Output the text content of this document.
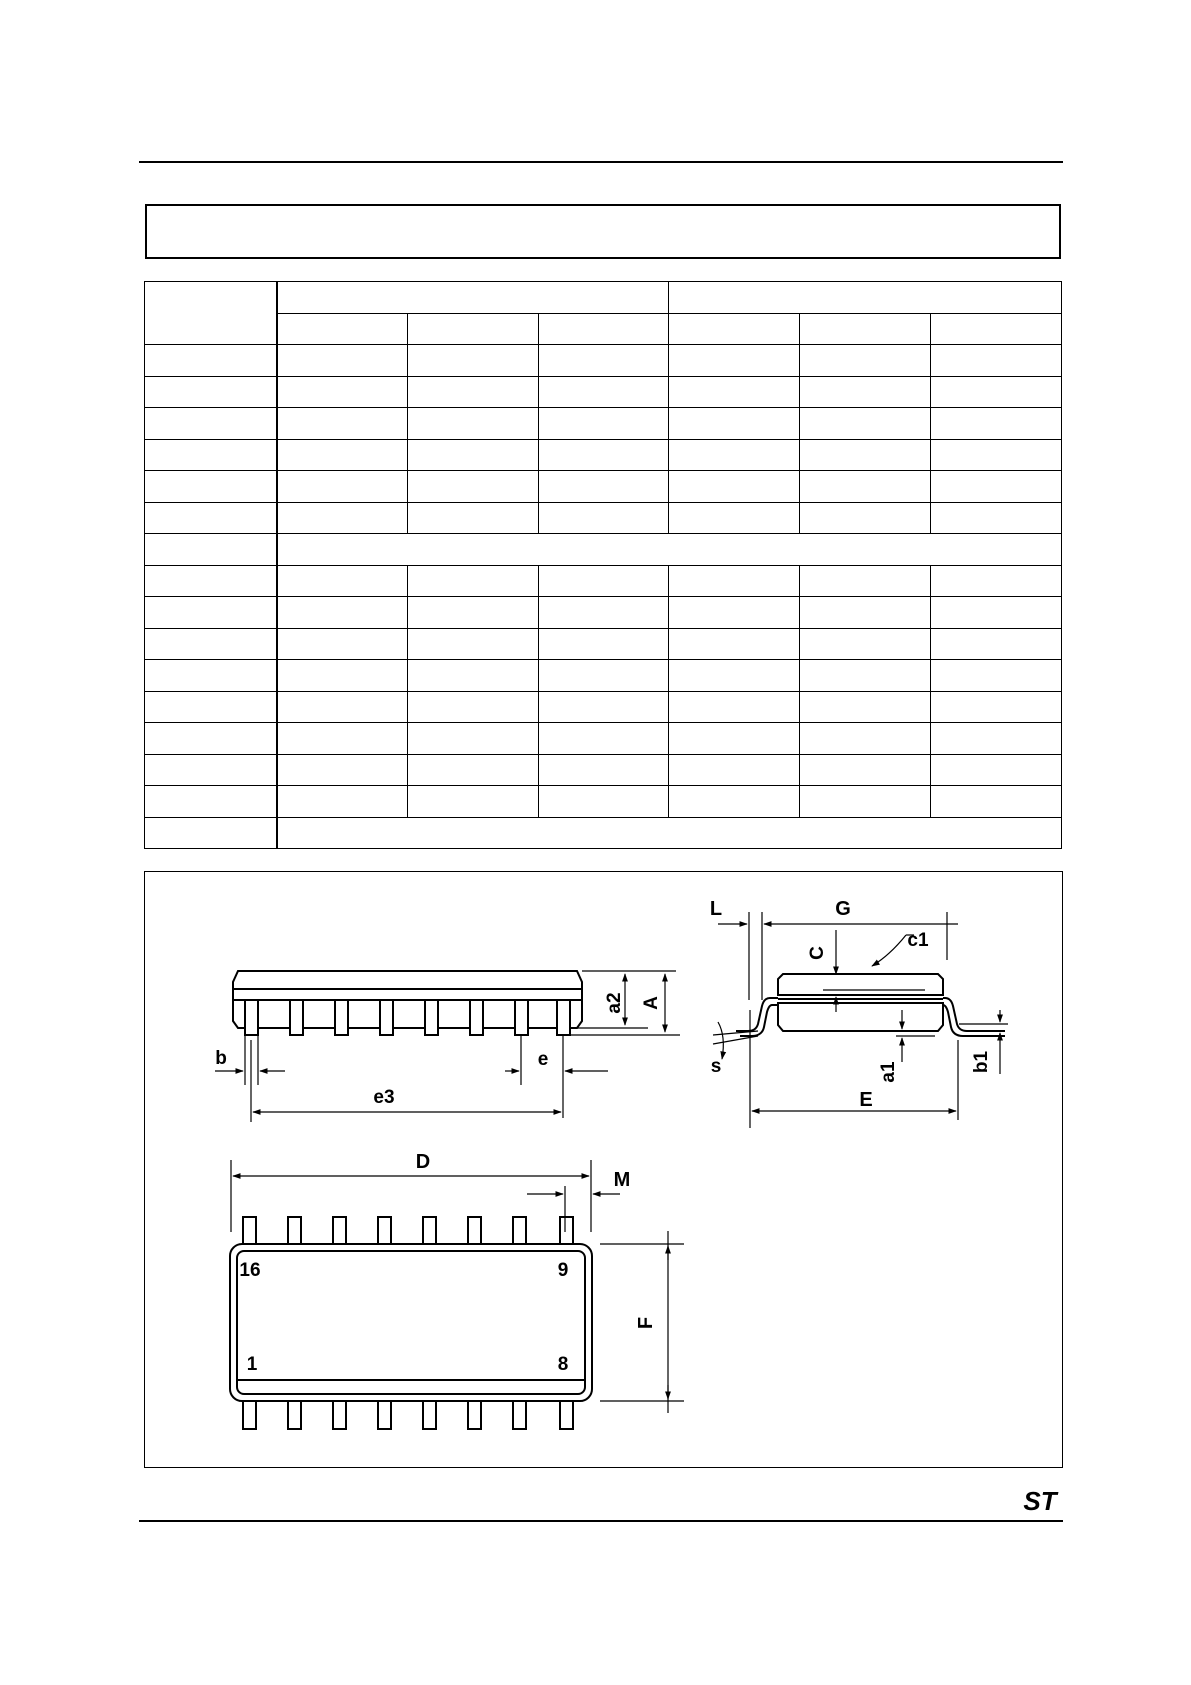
a2 A
b	e
e3
L	G
C
c1
s	a1	b1
E
D
M
F
16	9
1	8
ST
